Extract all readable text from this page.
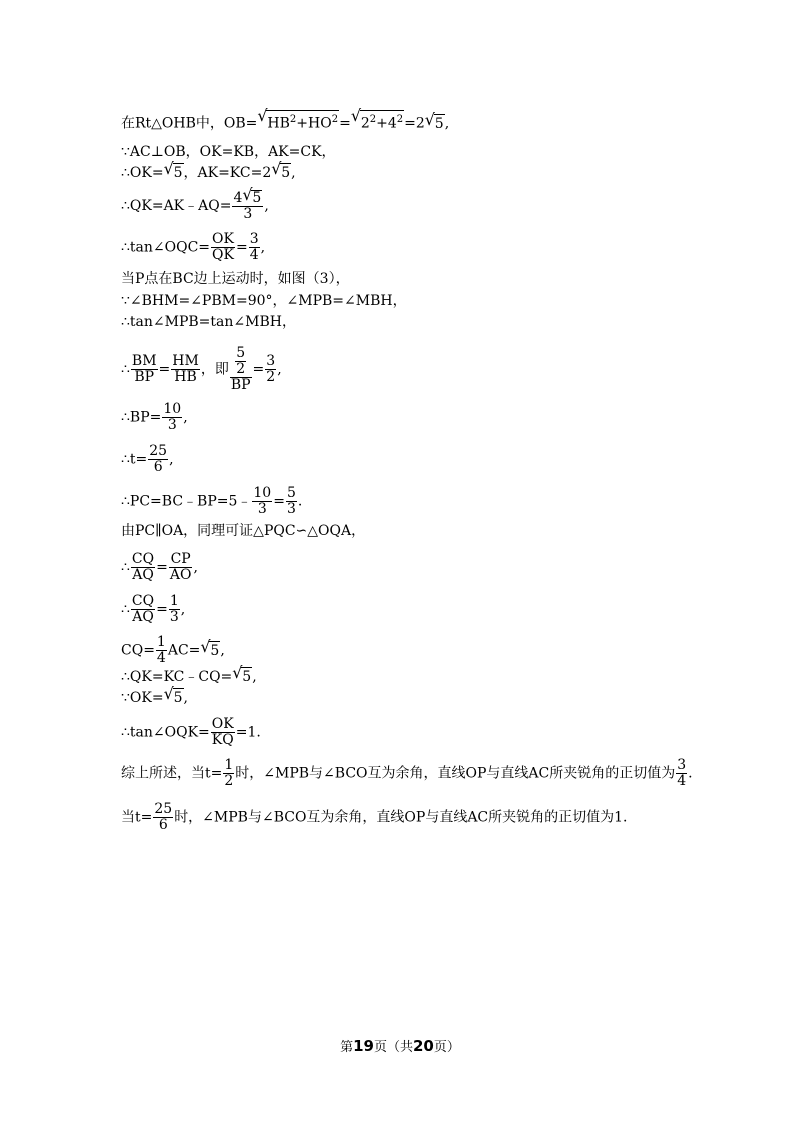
在Rt△OHB中，OB= √ $HB^2+HO^2=$ √ $2^2+4^2=2$ √ 5,
∵AC⊥OB，OK=KB，AK=CK，
∴OK= √ 5，AK=KC=2 √ 5,
∴QK=AK﹣AQ= $\frac{4 √ 5}{3}$ ,
∴tan∠OQC= $\frac{OK}{QK} = \frac{3}{4}$ ,
当P点在BC边上运动时，如图（3），
∵∠BHM=∠PBM=90°，∠MPB=∠MBH，
∴tan∠MPB=tan∠MBH，
∴ $\frac{BM}{BP} = \frac{HM}{HB}$ ，即 $\frac{\frac{5}{2}}{BP} = \frac{3}{2}$ ,
∴BP= $\frac{10}{3}$ ,
∴t= $\frac{25}{6}$ ,
∴PC=BC﹣BP=5﹣ $\frac{10}{3} = \frac{5}{3}$ .
由PC∥OA，同理可证△PQC∽△OQA，
∴ $\frac{CQ}{AQ} = \frac{CP}{AO}$ ,
∴ $\frac{CQ}{AQ} = \frac{1}{3}$ ,
$CQ= \frac{1}{4} AC=$ √ 5,
∴QK=KC﹣CQ= √ 5,
∵OK= √ 5,
∴tan∠OQK= $\frac{OK}{KQ} =1$.
综上所述，当$t= \frac{1}{2}$ 时，∠MPB与∠BCO互为余角，直线OP与直线AC所夹锐角的正切值为 $\frac{3}{4}$ .
当$t= \frac{25}{6}$ 时，∠MPB与∠BCO互为余角，直线OP与直线AC所夹锐角的正切值为1.
第19页（共20页）
